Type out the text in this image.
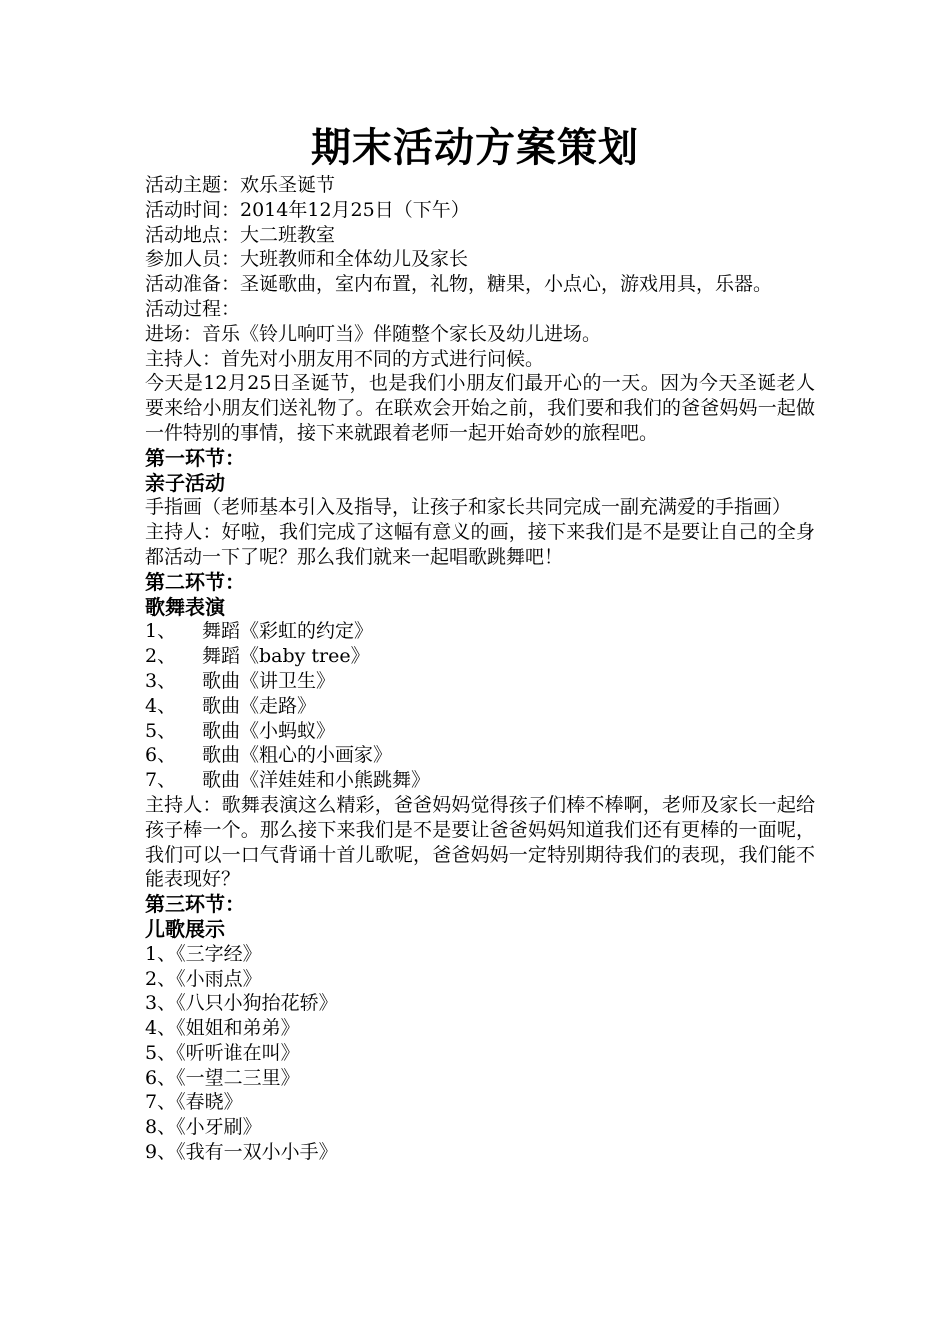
期末活动方案策划
活动主题：欢乐圣诞节
活动时间：2014年12月25日（下午）
活动地点：大二班教室
参加人员：大班教师和全体幼儿及家长
活动准备：圣诞歌曲，室内布置，礼物，糖果，小点心，游戏用具，乐器。
活动过程：
进场：音乐《铃儿响叮当》伴随整个家长及幼儿进场。
主持人：首先对小朋友用不同的方式进行问候。
今天是12月25日圣诞节，也是我们小朋友们最开心的一天。因为今天圣诞老人要来给小朋友们送礼物了。在联欢会开始之前，我们要和我们的爸爸妈妈一起做一件特别的事情，接下来就跟着老师一起开始奇妙的旅程吧。
第一环节：
亲子活动
手指画（老师基本引入及指导，让孩子和家长共同完成一副充满爱的手指画）
主持人：好啦，我们完成了这幅有意义的画，接下来我们是不是要让自己的全身都活动一下了呢？那么我们就来一起唱歌跳舞吧！
第二环节：
歌舞表演
1、 舞蹈《彩虹的约定》
2、 舞蹈《baby tree》
3、 歌曲《讲卫生》
4、 歌曲《走路》
5、 歌曲《小蚂蚁》
6、 歌曲《粗心的小画家》
7、 歌曲《洋娃娃和小熊跳舞》
主持人：歌舞表演这么精彩，爸爸妈妈觉得孩子们棒不棒啊，老师及家长一起给孩子棒一个。那么接下来我们是不是要让爸爸妈妈知道我们还有更棒的一面呢，我们可以一口气背诵十首儿歌呢，爸爸妈妈一定特别期待我们的表现，我们能不能表现好？
第三环节：
儿歌展示
1、《三字经》
2、《小雨点》
3、《八只小狗抬花轿》
4、《姐姐和弟弟》
5、《听听谁在叫》
6、《一望二三里》
7、《春晓》
8、《小牙刷》
9、《我有一双小小手》
